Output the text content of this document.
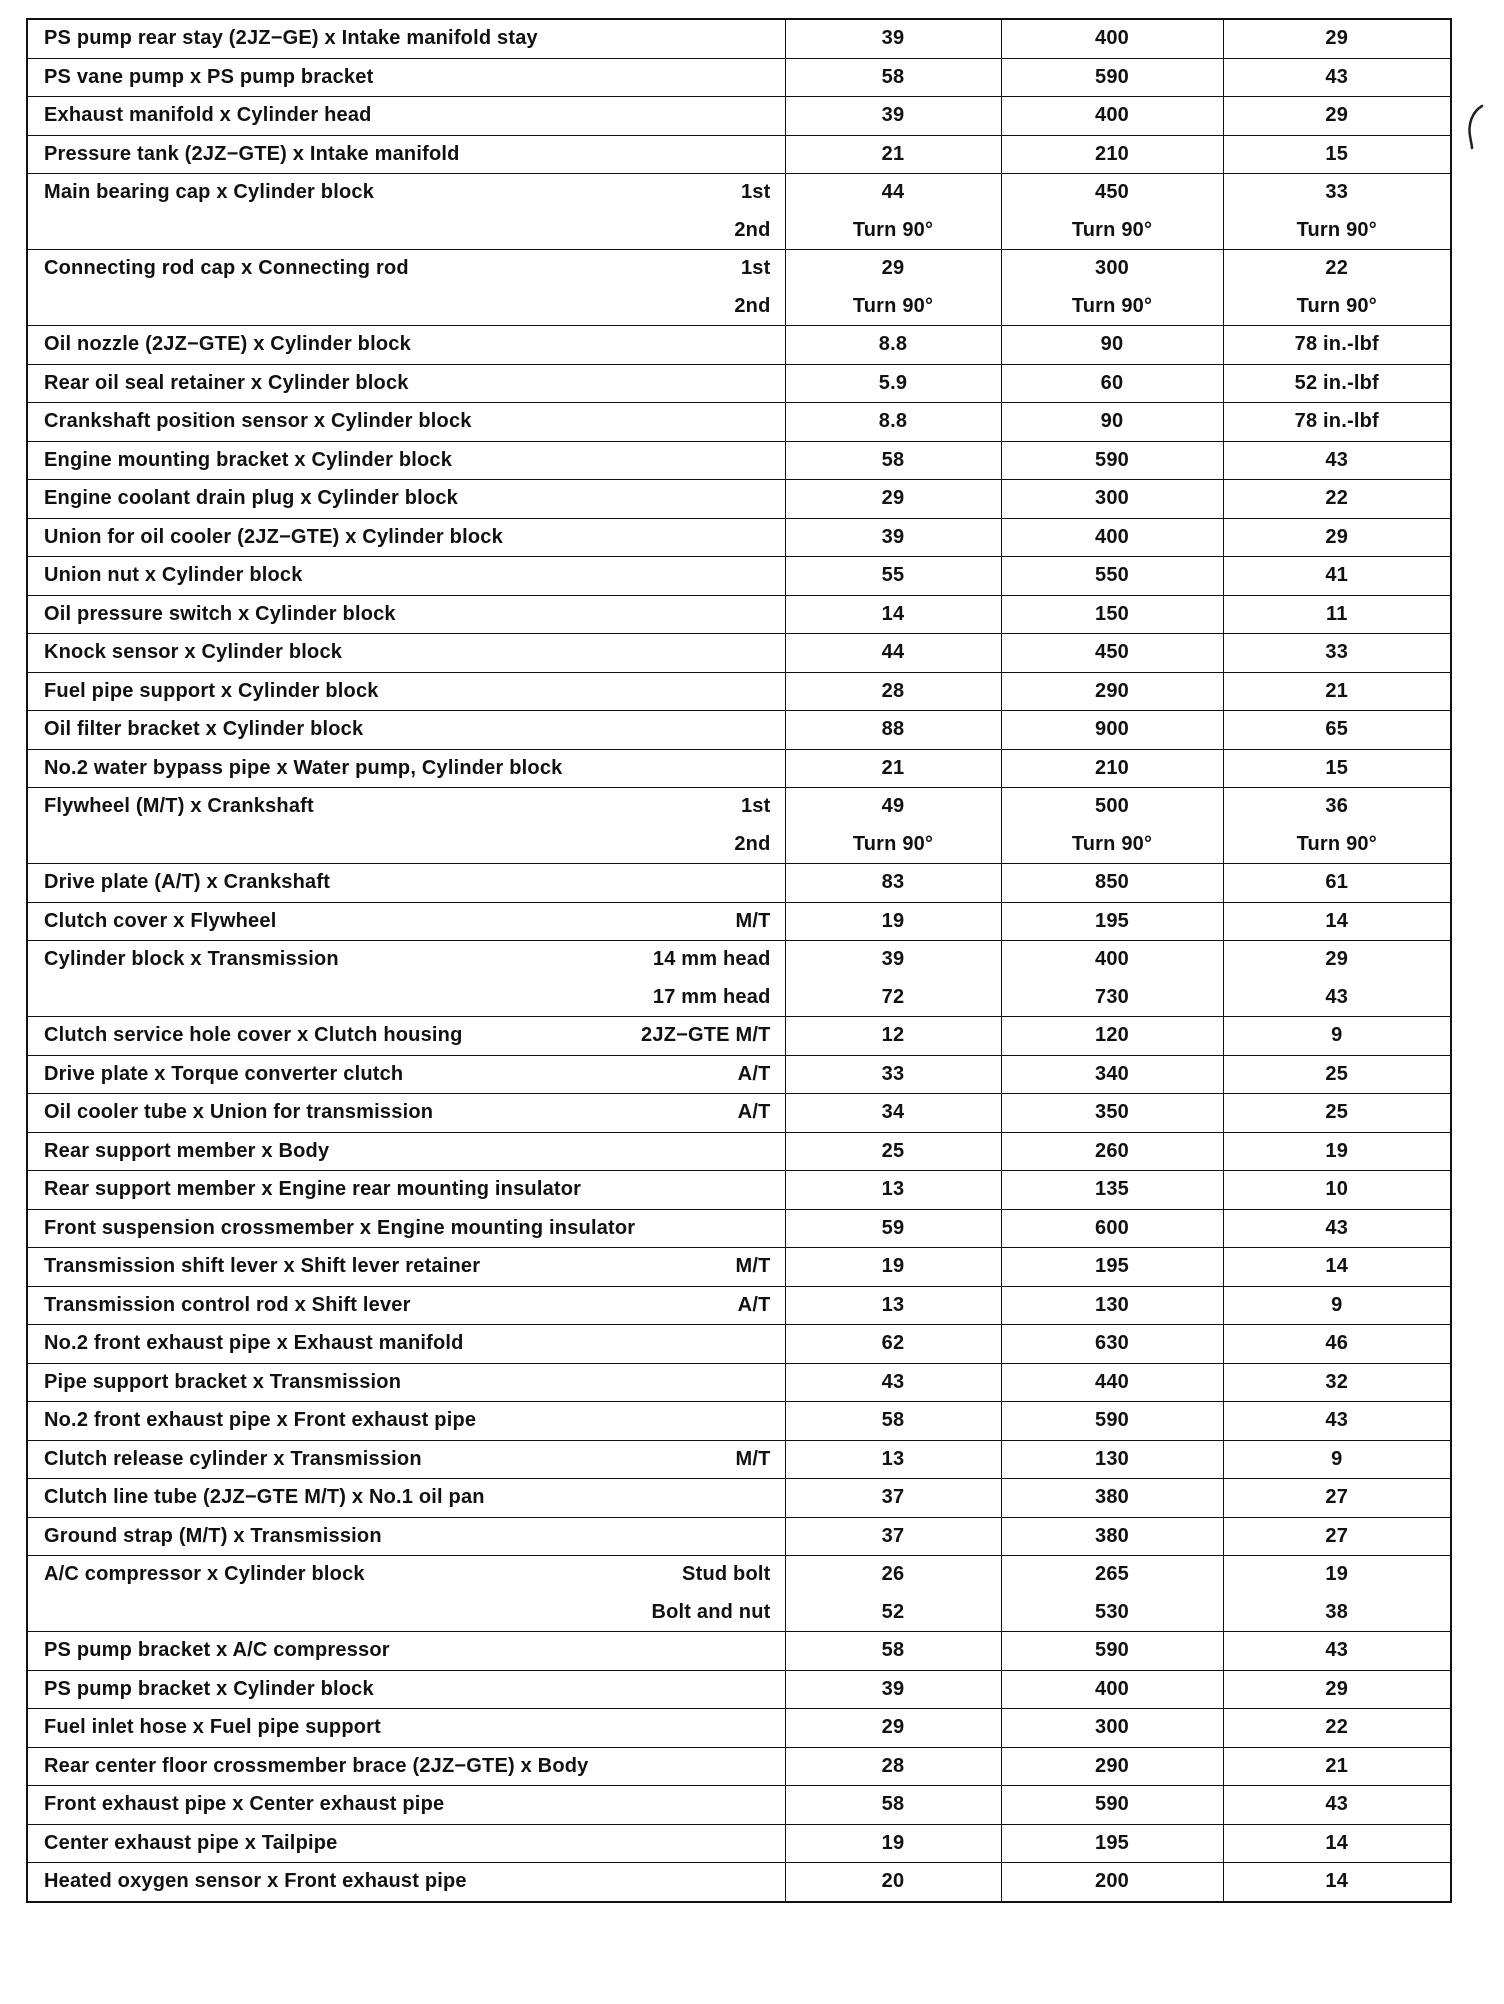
PS pump rear stay (2JZ−GE) x Intake manifold stay	39	400	29

PS vane pump x PS pump bracket	58	590	43

Exhaust manifold x Cylinder head	39	400	29

Pressure tank (2JZ−GTE) x Intake manifold	21	210	15

Main bearing cap x Cylinder block 1st	44	450	33

2nd	Turn 90°	Turn 90°	Turn 90°

Connecting rod cap x Connecting rod 1st	29	300	22

2nd	Turn 90°	Turn 90°	Turn 90°

Oil nozzle (2JZ−GTE) x Cylinder block	8.8	90	78 in.-lbf

Rear oil seal retainer x Cylinder block	5.9	60	52 in.-lbf

Crankshaft position sensor x Cylinder block	8.8	90	78 in.-lbf

Engine mounting bracket x Cylinder block	58	590	43

Engine coolant drain plug x Cylinder block	29	300	22

Union for oil cooler (2JZ−GTE) x Cylinder block	39	400	29

Union nut x Cylinder block	55	550	41

Oil pressure switch x Cylinder block	14	150	11

Knock sensor x Cylinder block	44	450	33

Fuel pipe support x Cylinder block	28	290	21

Oil filter bracket x Cylinder block	88	900	65

No.2 water bypass pipe x Water pump, Cylinder block	21	210	15

Flywheel (M/T) x Crankshaft 1st	49	500	36

2nd	Turn 90°	Turn 90°	Turn 90°

Drive plate (A/T) x Crankshaft	83	850	61

Clutch cover x Flywheel M/T	19	195	14

Cylinder block x Transmission 14 mm head	39	400	29

17 mm head	72	730	43

Clutch service hole cover x Clutch housing 2JZ−GTE M/T	12	120	9

Drive plate x Torque converter clutch A/T	33	340	25

Oil cooler tube x Union for transmission A/T	34	350	25

Rear support member x Body	25	260	19

Rear support member x Engine rear mounting insulator	13	135	10

Front suspension crossmember x Engine mounting insulator	59	600	43

Transmission shift lever x Shift lever retainer M/T	19	195	14

Transmission control rod x Shift lever A/T	13	130	9

No.2 front exhaust pipe x Exhaust manifold	62	630	46

Pipe support bracket x Transmission	43	440	32

No.2 front exhaust pipe x Front exhaust pipe	58	590	43

Clutch release cylinder x Transmission M/T	13	130	9

Clutch line tube (2JZ−GTE M/T) x No.1 oil pan	37	380	27

Ground strap (M/T) x Transmission	37	380	27

A/C compressor x Cylinder block Stud bolt	26	265	19

Bolt and nut	52	530	38

PS pump bracket x A/C compressor	58	590	43

PS pump bracket x Cylinder block	39	400	29

Fuel inlet hose x Fuel pipe support	29	300	22

Rear center floor crossmember brace (2JZ−GTE) x Body	28	290	21

Front exhaust pipe x Center exhaust pipe	58	590	43

Center exhaust pipe x Tailpipe	19	195	14

Heated oxygen sensor x Front exhaust pipe	20	200	14
